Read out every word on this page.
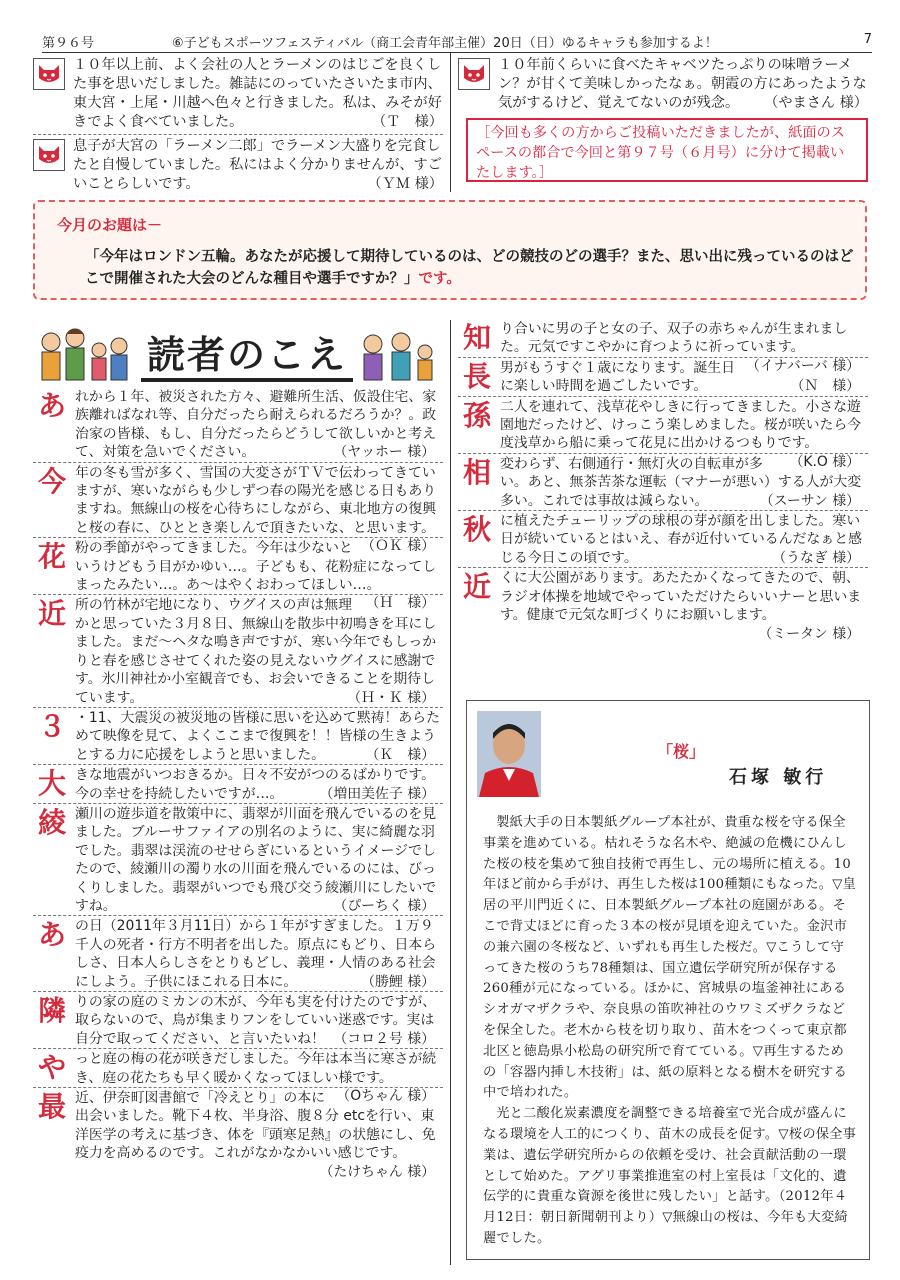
第９６号	⑥子どもスポーツフェスティバル（商工会青年部主催）20日（日）ゆるキャラも参加するよ！	7
１０年以上前、よく会社の人とラーメンのはじごを良くした事を思いだしました。雑誌にのっていたさいたま市内、東大宮・上尾・川越へ色々と行きました。私は、みそが好きでよく食べていました。	（Ｔ　様）
息子が大宮の「ラーメン二郎」でラーメン大盛りを完食したと自慢していました。私にはよく分かりませんが、すごいことらしいです。	（ＹＭ 様）
１０年前くらいに食べたキャベツたっぷりの味噌ラーメン？が甘くて美味しかったなぁ。朝霞の方にあったような気がするけど、覚えてないのが残念。 （やまさん 様）
［今回も多くの方からご投稿いただきましたが、紙面のスペースの都合で今回と第９７号（６月号）に分けて掲載いたします。］
今月のお題は－
「今年はロンドン五輪。あなたが応援して期待しているのは、どの競技のどの選手？また、思い出に残っているのはどこで開催された大会のどんな種目や選手ですか？」です。
読者のこえ
あ れから１年、被災された方々、避難所生活、仮設住宅、家族離ればなれ等、自分だったら耐えられるだろうか？。政治家の皆様、もし、自分だったらどうして欲しいかと考えて、対策を急いでください。	（ヤッホー 様）
今 年の冬も雪が多く、雪国の大変さがＴＶで伝わってきていますが、寒いながらも少しずつ春の陽光を感じる日もありますね。無線山の桜を心待ちにしながら、東北地方の復興と桜の春に、ひととき楽しんで頂きたいな、と思います。
（ＯＫ 様）
花 粉の季節がやってきました。今年は少ないというけどもう目がかゆい…。子どもも、花粉症になってしまったみたい…。あ～はやくおわってほしい…。
（Ｈ　様）
近 所の竹林が宅地になり、ウグイスの声は無理かと思っていた３月８日、無線山を散歩中初鳴きを耳にしました。まだ～ヘタな鳴き声ですが、寒い今年でもしっかりと春を感じさせてくれた姿の見えないウグイスに感謝です。氷川神社か小室観音でも、お会いできることを期待しています。	（Ｈ・Ｋ 様）
３ ・11、大震災の被災地の皆様に思いを込めて黙祷！あらためて映像を見て、よくここまで復興を！！皆様の生きようとする力に応援をしようと思いました。	（Ｋ　様）
大 きな地震がいつおきるか。日々不安がつのるばかりです。今の幸せを持続したいですが…。	（増田美佐子 様）
綾 瀬川の遊歩道を散策中に、翡翠が川面を飛んでいるのを見ました。ブルーサファイアの別名のように、実に綺麗な羽でした。翡翠は渓流のせせらぎにいるというイメージでしたので、綾瀬川の濁り水の川面を飛んでいるのには、びっくりしました。翡翠がいつでも飛び交う綾瀬川にしたいですね。	（ぴーちく 様）
あ の日（2011年３月11日）から１年がすぎました。１万９千人の死者・行方不明者を出した。原点にもどり、日本らしさ、日本人らしさをとりもどし、義理・人情のある社会にしよう。子供にほこれる日本に。	（勝鯉 様）
隣 りの家の庭のミカンの木が、今年も実を付けたのですが、取らないので、鳥が集まりフンをしていい迷惑です。実は自分で取ってください、と言いたいね！ （コロ２号 様）
や っと庭の梅の花が咲きだしました。今年は本当に寒さが続き、庭の花たちも早く暖かくなってほしい様です。
（Oちゃん 様）
最 近、伊奈町図書館で「冷えとり」の本に出会いました。靴下４枚、半身浴、腹８分 etcを行い、東洋医学の考えに基づき、体を『頭寒足熱』の状態にし、免疫力を高めるのです。これがなかなかいい感じです。
（たけちゃん 様）
知 り合いに男の子と女の子、双子の赤ちゃんが生まれました。元気ですこやかに育つように祈っています。
（イナバーバ 様）
長 男がもうすぐ１歳になります。誕生日に楽しい時間を過ごしたいです。	（Ｎ　様）
孫 二人を連れて、浅草花やしきに行ってきました。小さな遊園地だったけど、けっこう楽しめました。桜が咲いたら今度浅草から船に乗って花見に出かけるつもりです。
（K.O 様）
相 変わらず、右側通行・無灯火の自転車が多い。あと、無茶苦茶な運転（マナーが悪い）する人が大変多い。これでは事故は減らない。	（スーサン 様）
秋 に植えたチューリップの球根の芽が顔を出しました。寒い日が続いているとはいえ、春が近付いているんだなぁと感じる今日この頃です。	（うなぎ 様）
近 くに大公園があります。あたたかくなってきたので、朝、ラジオ体操を地域でやっていただけたらいいナーと思います。健康で元気な町づくりにお願いします。
（ミータン 様）
「桜」
石塚 敏行

製紙大手の日本製紙グループ本社が、貴重な桜を守る保全事業を進めている。枯れそうな名木や、絶滅の危機にひんした桜の枝を集めて独自技術で再生し、元の場所に植える。10年ほど前から手がけ、再生した桜は100種類にもなった。▽皇居の平川門近くに、日本製紙グループ本社の庭園がある。そこで背丈ほどに育った３本の桜が見頃を迎えていた。金沢市の兼六園の冬桜など、いずれも再生した桜だ。▽こうして守ってきた桜のうち78種類は、国立遺伝学研究所が保存する260種が元になっている。ほかに、宮城県の塩釜神社にあるシオガマザクラや、奈良県の笛吹神社のウワミズザクラなどを保全した。老木から枝を切り取り、苗木をつくって東京都北区と徳島県小松島の研究所で育てている。▽再生するための「容器内挿し木技術」は、紙の原料となる樹木を研究する中で培われた。

光と二酸化炭素濃度を調整できる培養室で光合成が盛んになる環境を人工的につくり、苗木の成長を促す。▽桜の保全事業は、遺伝学研究所からの依頼を受け、社会貢献活動の一環として始めた。アグリ事業推進室の村上室長は「文化的、遺伝学的に貴重な資源を後世に残したい」と話す。（2012年４月12日：朝日新聞朝刊より）▽無線山の桜は、今年も大変綺麗でした。
